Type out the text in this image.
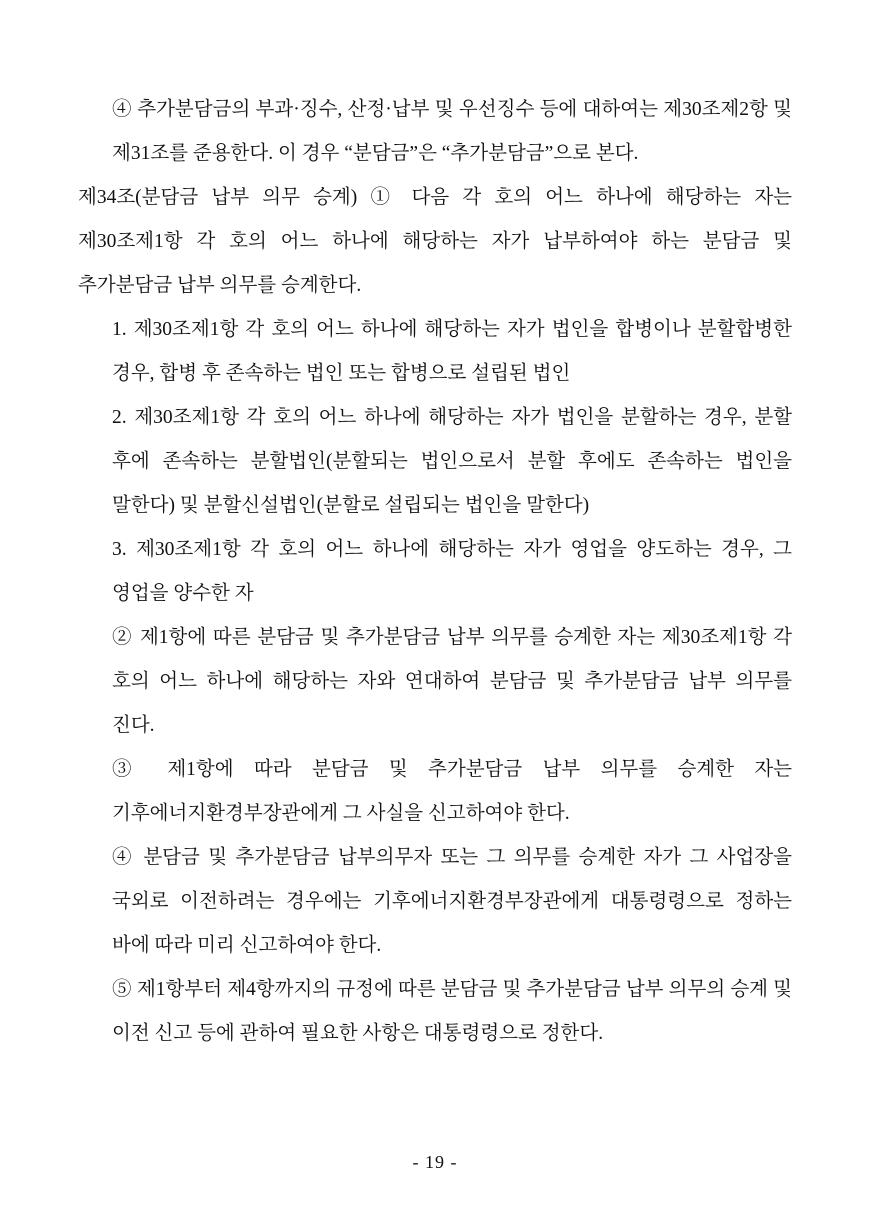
④ 추가분담금의 부과·징수, 산정·납부 및 우선징수 등에 대하여는 제30조제2항 및 제31조를 준용한다. 이 경우 “분담금”은 “추가분담금”으로 본다.

제34조(분담금 납부 의무 승계) ① 다음 각 호의 어느 하나에 해당하는 자는 제30조제1항 각 호의 어느 하나에 해당하는 자가 납부하여야 하는 분담금 및 추가분담금 납부 의무를 승계한다.

1. 제30조제1항 각 호의 어느 하나에 해당하는 자가 법인을 합병이나 분할합병한 경우, 합병 후 존속하는 법인 또는 합병으로 설립된 법인

2. 제30조제1항 각 호의 어느 하나에 해당하는 자가 법인을 분할하는 경우, 분할 후에 존속하는 분할법인(분할되는 법인으로서 분할 후에도 존속하는 법인을 말한다) 및 분할신설법인(분할로 설립되는 법인을 말한다)

3. 제30조제1항 각 호의 어느 하나에 해당하는 자가 영업을 양도하는 경우, 그 영업을 양수한 자

② 제1항에 따른 분담금 및 추가분담금 납부 의무를 승계한 자는 제30조제1항 각 호의 어느 하나에 해당하는 자와 연대하여 분담금 및 추가분담금 납부 의무를 진다.

③ 제1항에 따라 분담금 및 추가분담금 납부 의무를 승계한 자는 기후에너지환경부장관에게 그 사실을 신고하여야 한다.

④ 분담금 및 추가분담금 납부의무자 또는 그 의무를 승계한 자가 그 사업장을 국외로 이전하려는 경우에는 기후에너지환경부장관에게 대통령령으로 정하는 바에 따라 미리 신고하여야 한다.

⑤ 제1항부터 제4항까지의 규정에 따른 분담금 및 추가분담금 납부 의무의 승계 및 이전 신고 등에 관하여 필요한 사항은 대통령령으로 정한다.

- 19 -
